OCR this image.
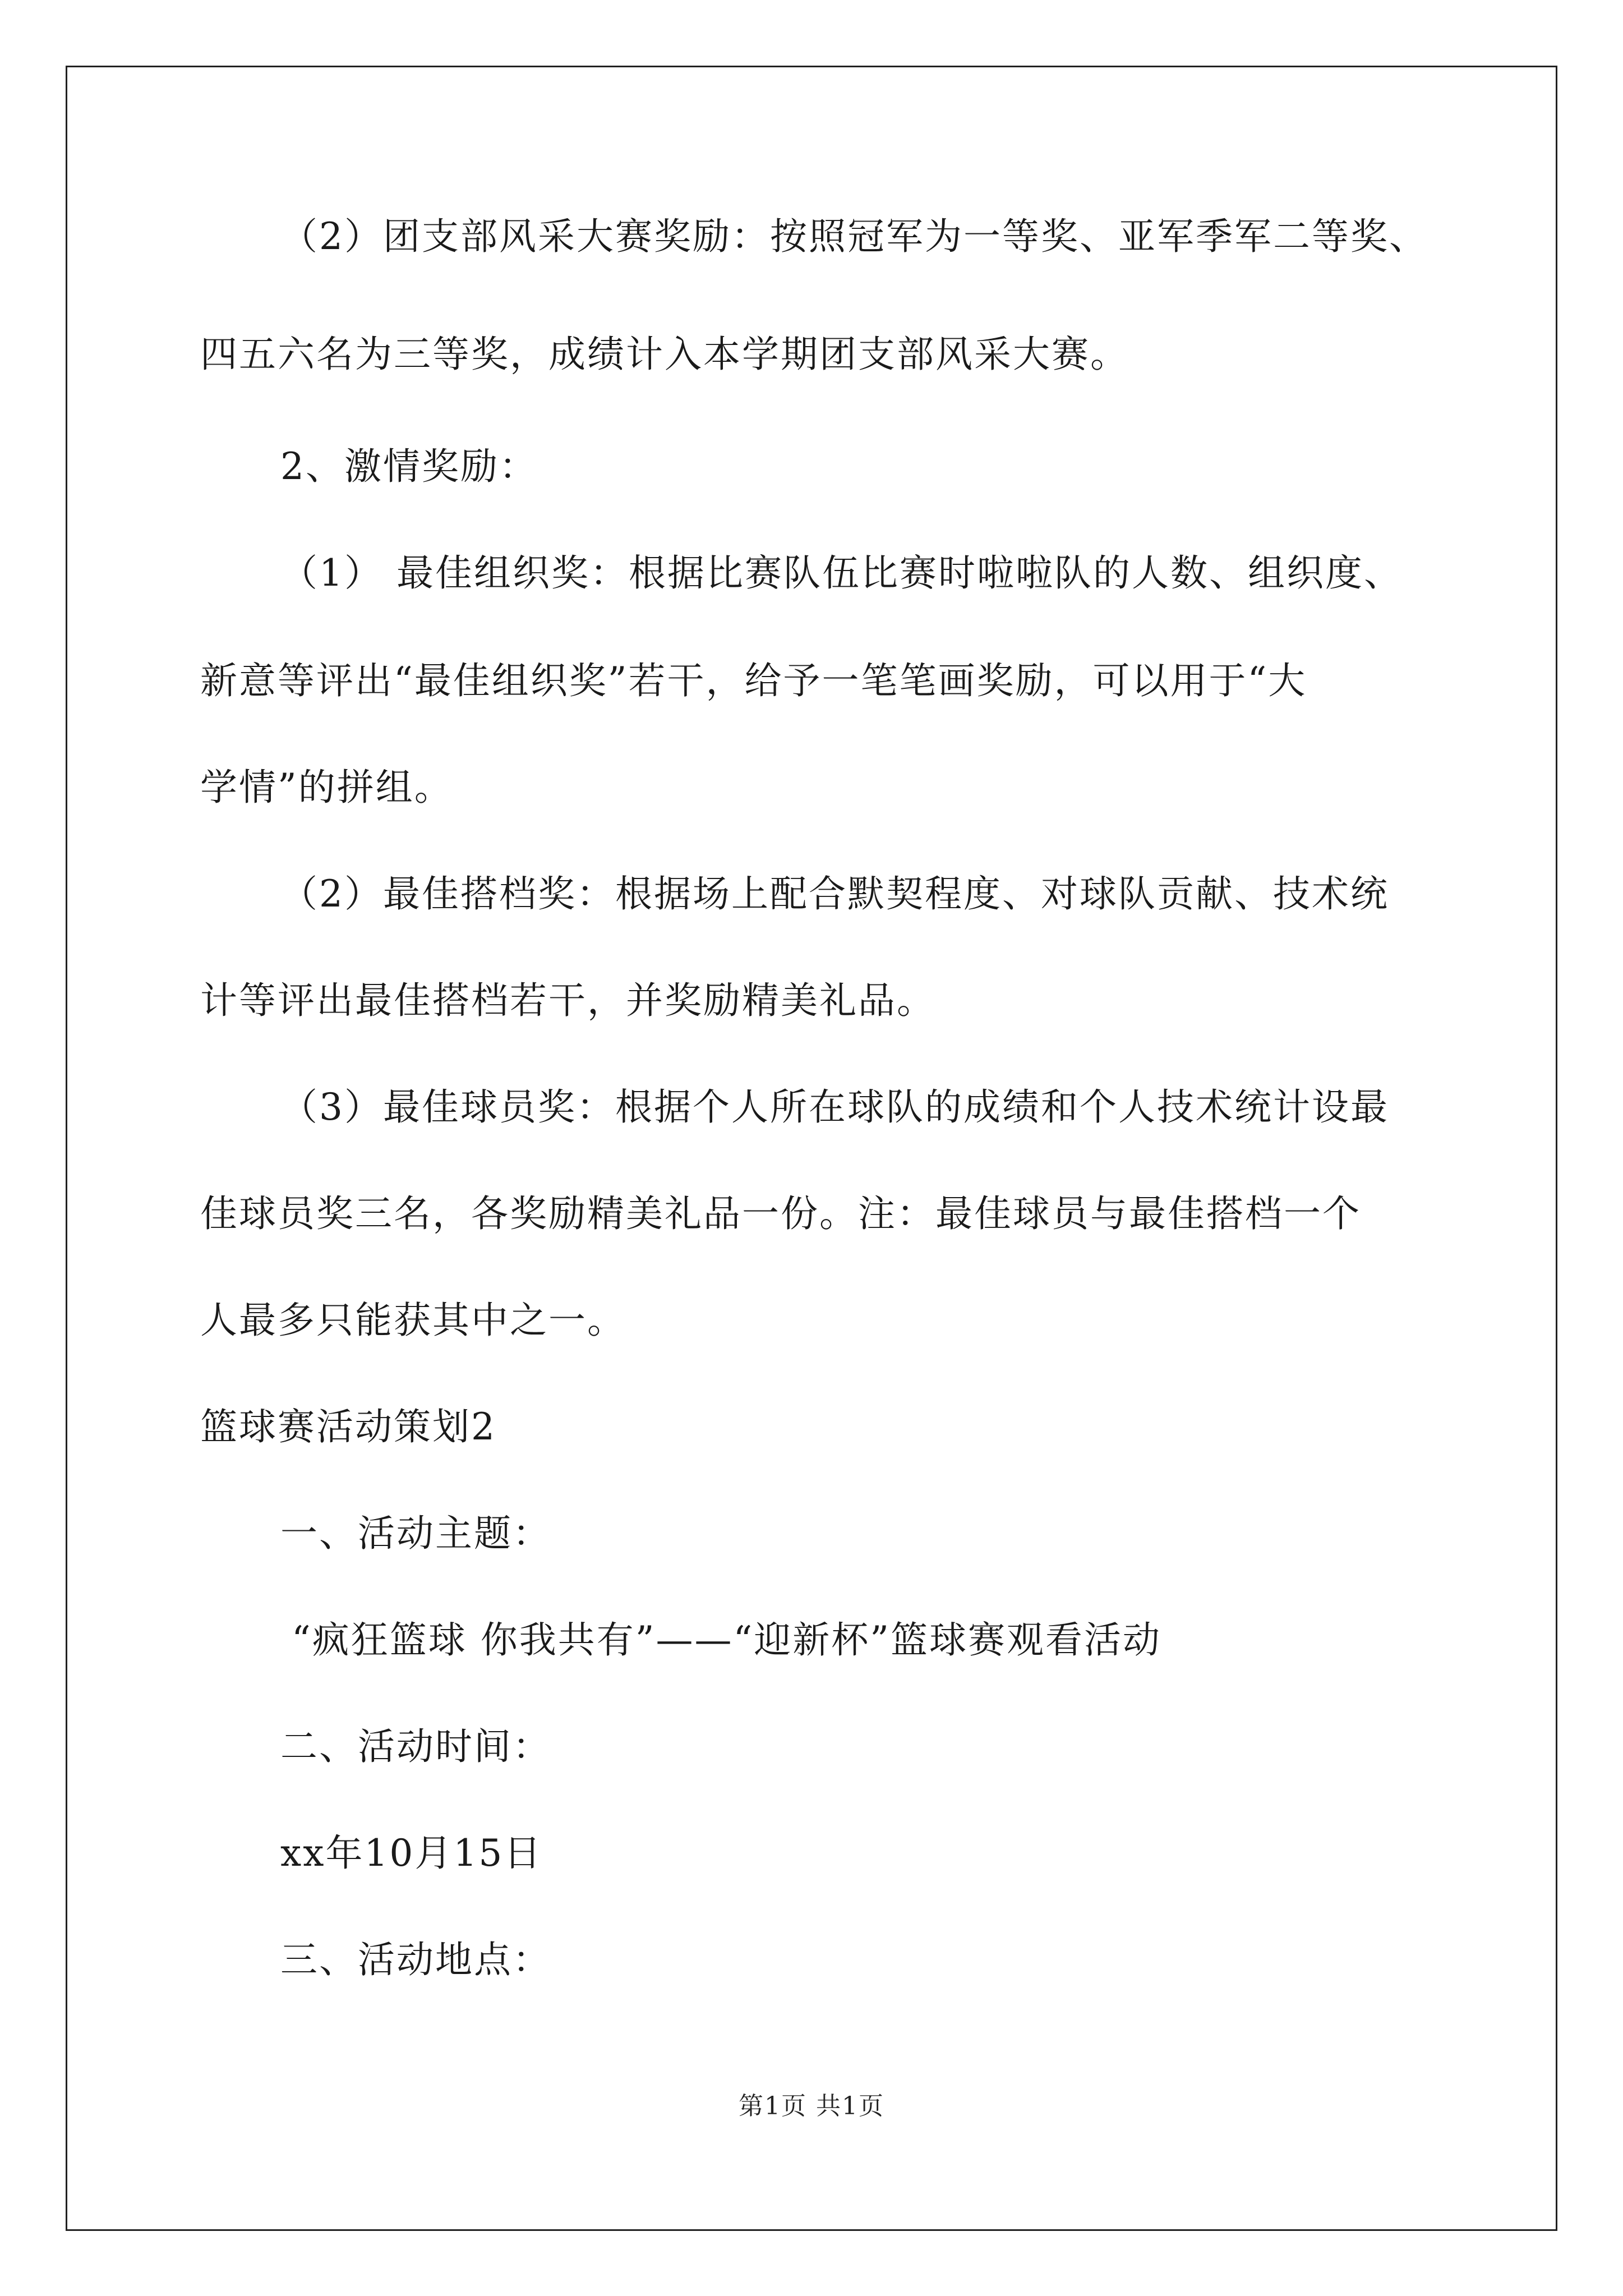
（2）团支部风采大赛奖励：按照冠军为一等奖、亚军季军二等奖、
四五六名为三等奖，成绩计入本学期团支部风采大赛。
2、激情奖励：
（1） 最佳组织奖：根据比赛队伍比赛时啦啦队的人数、组织度、
新意等评出“最佳组织奖”若干，给予一笔笔画奖励，可以用于“大
学情”的拼组。
（2）最佳搭档奖：根据场上配合默契程度、对球队贡献、技术统
计等评出最佳搭档若干，并奖励精美礼品。
（3）最佳球员奖：根据个人所在球队的成绩和个人技术统计设最
佳球员奖三名，各奖励精美礼品一份。注：最佳球员与最佳搭档一个
人最多只能获其中之一。
篮球赛活动策划2
一、活动主题：
“疯狂篮球 你我共有”——“迎新杯”篮球赛观看活动
二、活动时间：
xx年10月15日
三、活动地点：
第1页 共1页
